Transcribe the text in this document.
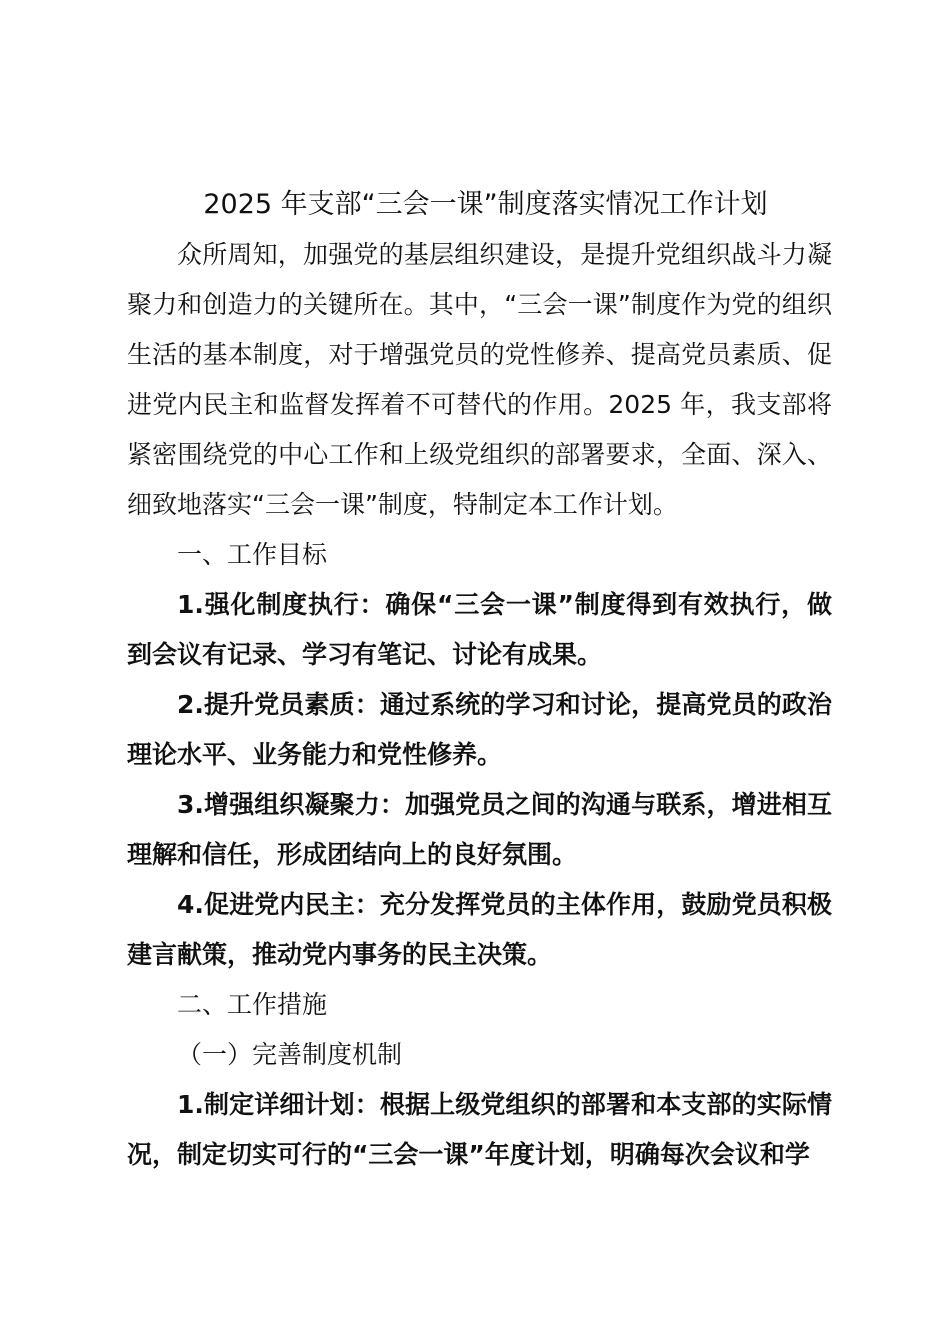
2025 年支部“三会一课”制度落实情况工作计划

众所周知，加强党的基层组织建设，是提升党组织战斗力凝聚力和创造力的关键所在。其中，“三会一课”制度作为党的组织生活的基本制度，对于增强党员的党性修养、提高党员素质、促进党内民主和监督发挥着不可替代的作用。2025 年，我支部将紧密围绕党的中心工作和上级党组织的部署要求，全面、深入、细致地落实“三会一课”制度，特制定本工作计划。

一、工作目标

1.强化制度执行：确保“三会一课”制度得到有效执行，做到会议有记录、学习有笔记、讨论有成果。

2.提升党员素质：通过系统的学习和讨论，提高党员的政治理论水平、业务能力和党性修养。

3.增强组织凝聚力：加强党员之间的沟通与联系，增进相互理解和信任，形成团结向上的良好氛围。

4.促进党内民主：充分发挥党员的主体作用，鼓励党员积极建言献策，推动党内事务的民主决策。

二、工作措施

（一）完善制度机制

1.制定详细计划：根据上级党组织的部署和本支部的实际情况，制定切实可行的“三会一课”年度计划，明确每次会议和学
